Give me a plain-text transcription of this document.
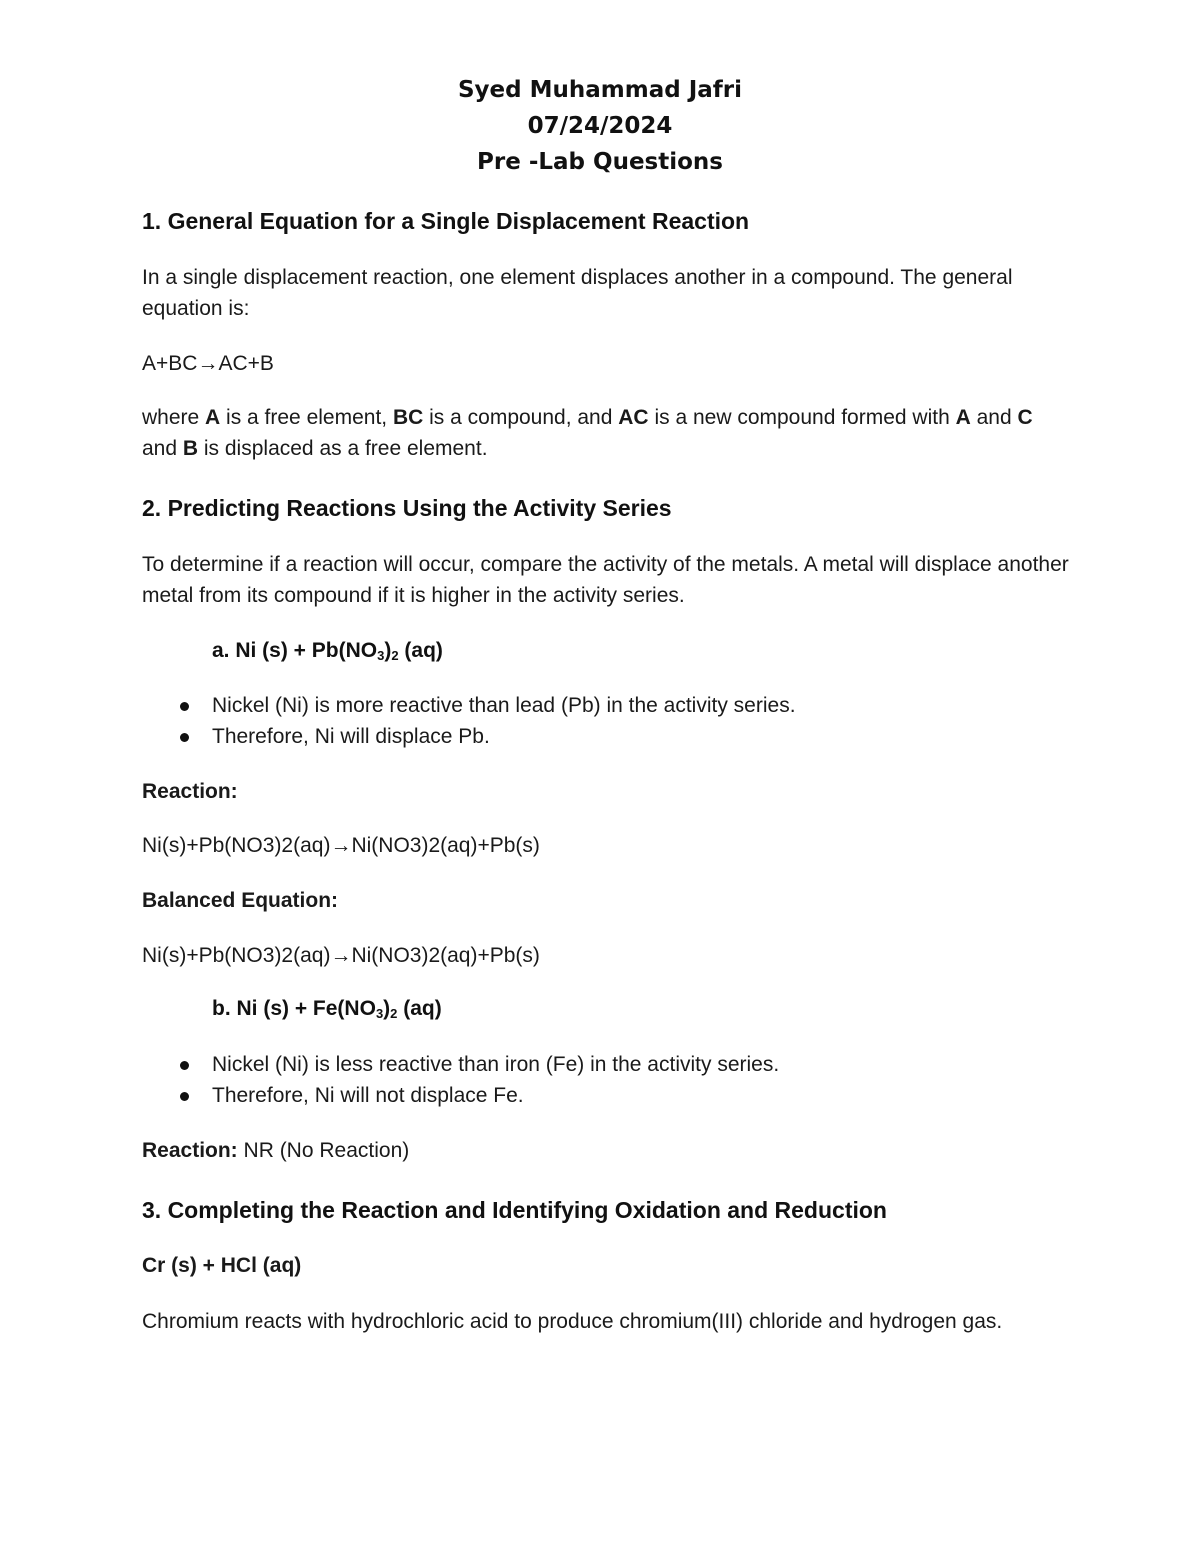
Syed Muhammad Jafri
07/24/2024
Pre -Lab Questions
1. General Equation for a Single Displacement Reaction
In a single displacement reaction, one element displaces another in a compound. The general equation is:
A+BC→AC+B
where A is a free element, BC is a compound, and AC is a new compound formed with A and C and B is displaced as a free element.
2. Predicting Reactions Using the Activity Series
To determine if a reaction will occur, compare the activity of the metals. A metal will displace another metal from its compound if it is higher in the activity series.
a. Ni (s) + Pb(NO3)2 (aq)
Nickel (Ni) is more reactive than lead (Pb) in the activity series.
Therefore, Ni will displace Pb.
Reaction:
Ni(s)+Pb(NO3)2(aq)→Ni(NO3)2(aq)+Pb(s)
Balanced Equation:
Ni(s)+Pb(NO3)2(aq)→Ni(NO3)2(aq)+Pb(s)
b. Ni (s) + Fe(NO3)2 (aq)
Nickel (Ni) is less reactive than iron (Fe) in the activity series.
Therefore, Ni will not displace Fe.
Reaction: NR (No Reaction)
3. Completing the Reaction and Identifying Oxidation and Reduction
Cr (s) + HCl (aq)
Chromium reacts with hydrochloric acid to produce chromium(III) chloride and hydrogen gas.
